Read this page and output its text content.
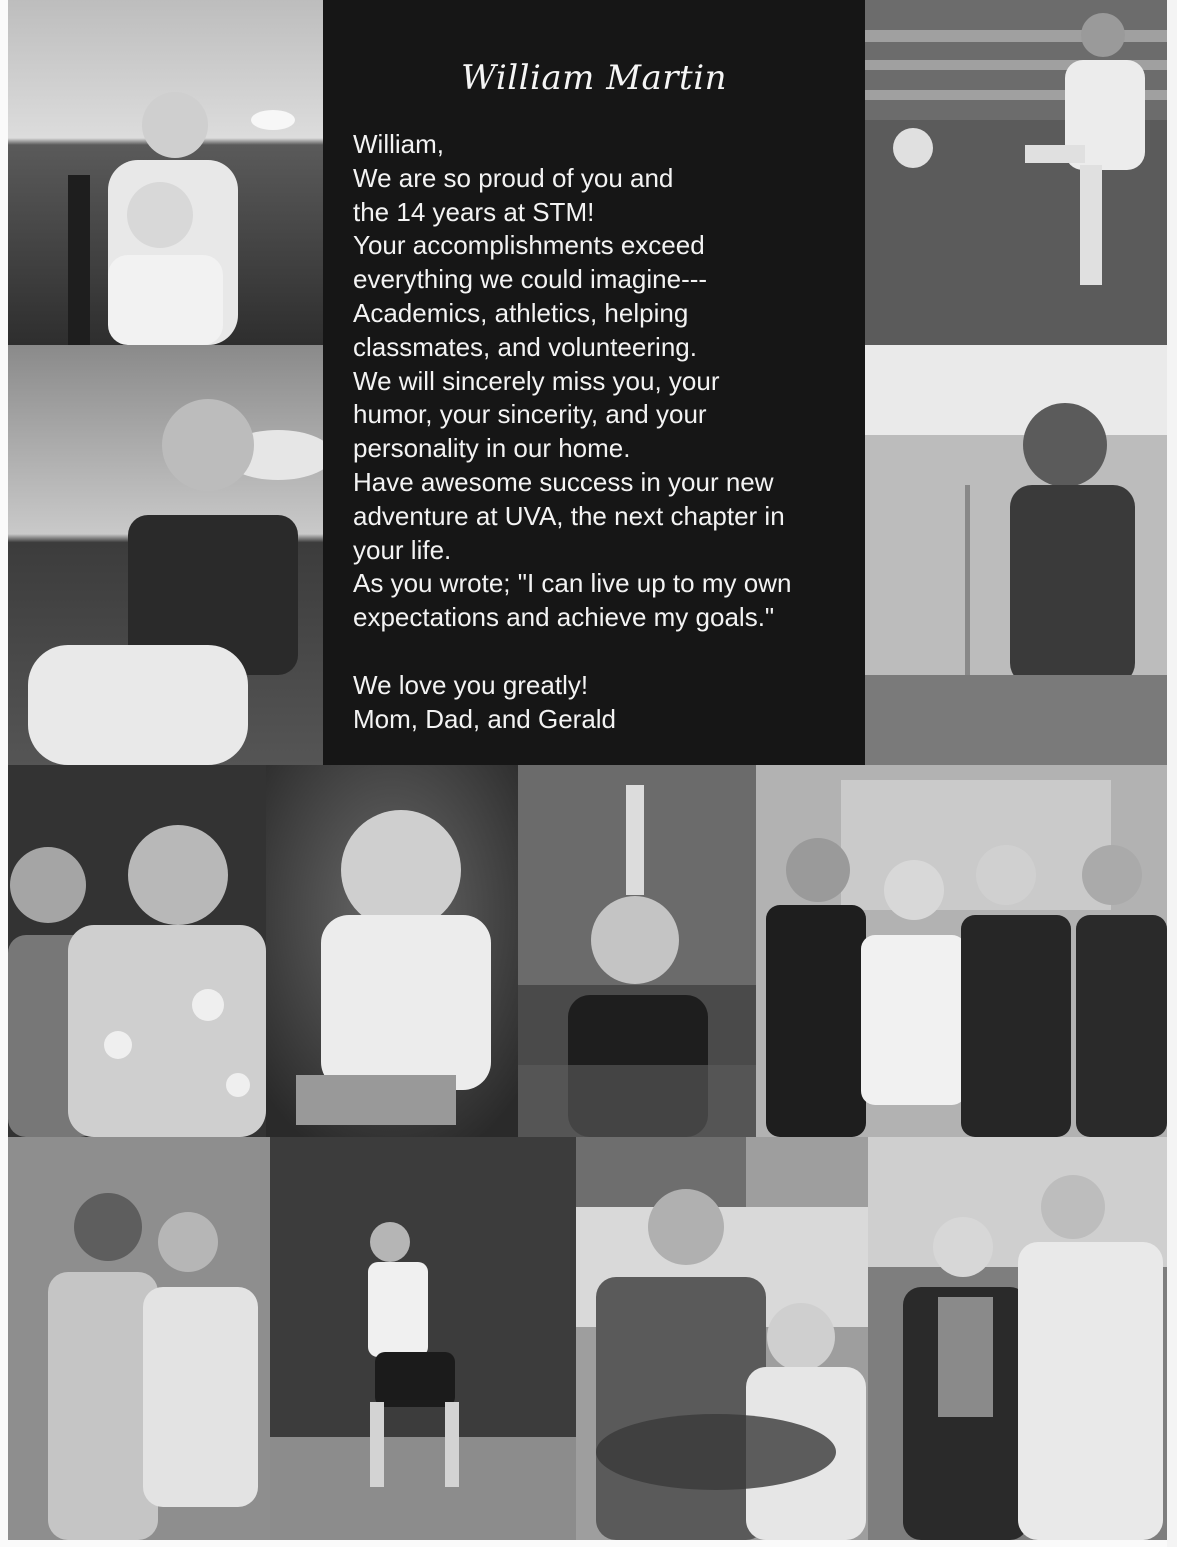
William Martin
William,
We are so proud of you and
the 14 years at STM!
Your accomplishments exceed
everything we could imagine---
Academics, athletics, helping
classmates, and volunteering.
We will sincerely miss you, your
humor, your sincerity, and your
personality in our home.
Have awesome success in your new
adventure at UVA, the next chapter in
your life.
As you wrote; "I can live up to my own
expectations and achieve my goals."
We love you greatly!
Mom, Dad, and Gerald
